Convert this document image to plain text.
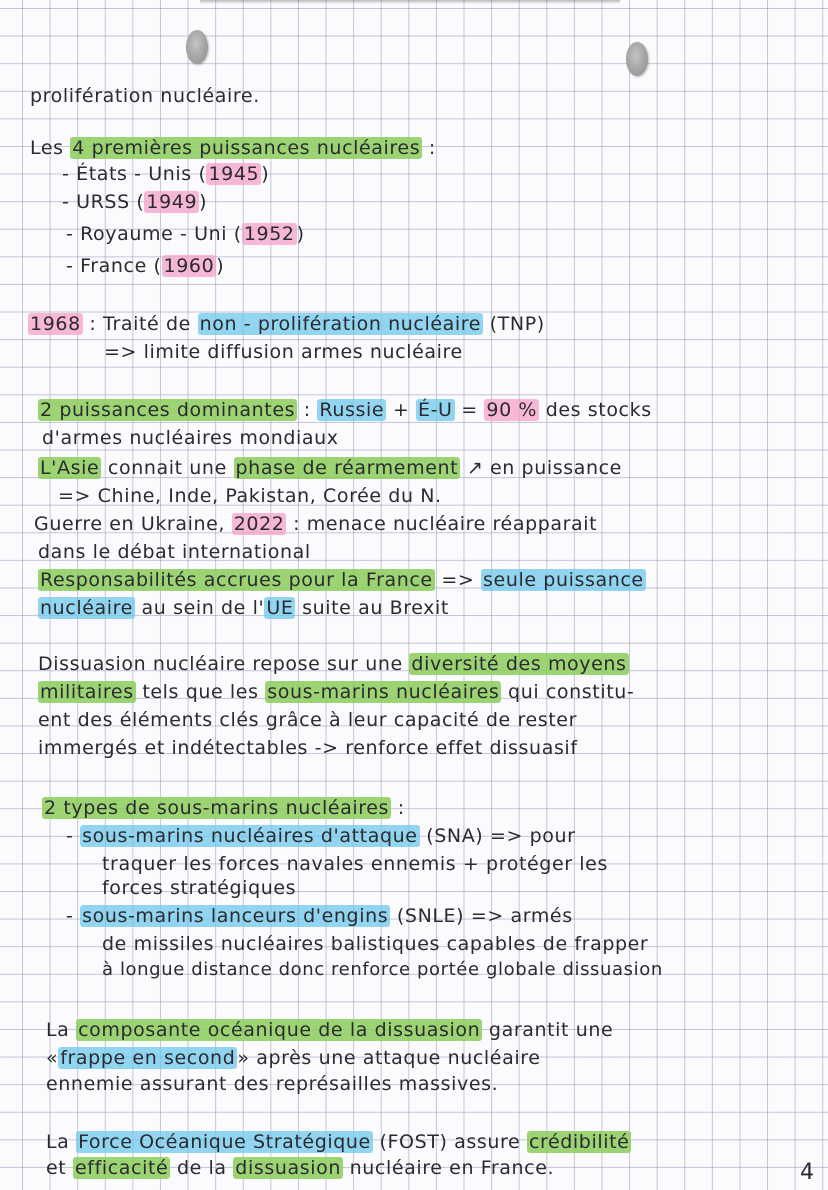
prolifération nucléaire.
Les 4 premières puissances nucléaires :
- États - Unis ( 1945 )
- URSS ( 1949 )
- Royaume - Uni ( 1952 )
- France ( 1960 )
1968 : Traité de non - prolifération nucléaire (TNP)
=> limite diffusion armes nucléaire
2 puissances dominantes : Russie + É-U = 90 % des stocks
d'armes nucléaires mondiaux
L'Asie connait une phase de réarmement ↗ en puissance
=> Chine, Inde, Pakistan, Corée du N.
Guerre en Ukraine, 2022 : menace nucléaire réapparait
dans le débat international
Responsabilités accrues pour la France => seule puissance
nucléaire au sein de l' UE suite au Brexit
Dissuasion nucléaire repose sur une diversité des moyens
militaires tels que les sous-marins nucléaires qui constitu-
ent des éléments clés grâce à leur capacité de rester
immergés et indétectables -> renforce effet dissuasif
2 types de sous-marins nucléaires :
- sous-marins nucléaires d'attaque (SNA) => pour
traquer les forces navales ennemis + protéger les
forces stratégiques
- sous-marins lanceurs d'engins (SNLE) => armés
de missiles nucléaires balistiques capables de frapper
à longue distance donc renforce portée globale dissuasion
La composante océanique de la dissuasion garantit une
« frappe en second » après une attaque nucléaire
ennemie assurant des représailles massives.
La Force Océanique Stratégique (FOST) assure crédibilité
et efficacité de la dissuasion nucléaire en France.	4
